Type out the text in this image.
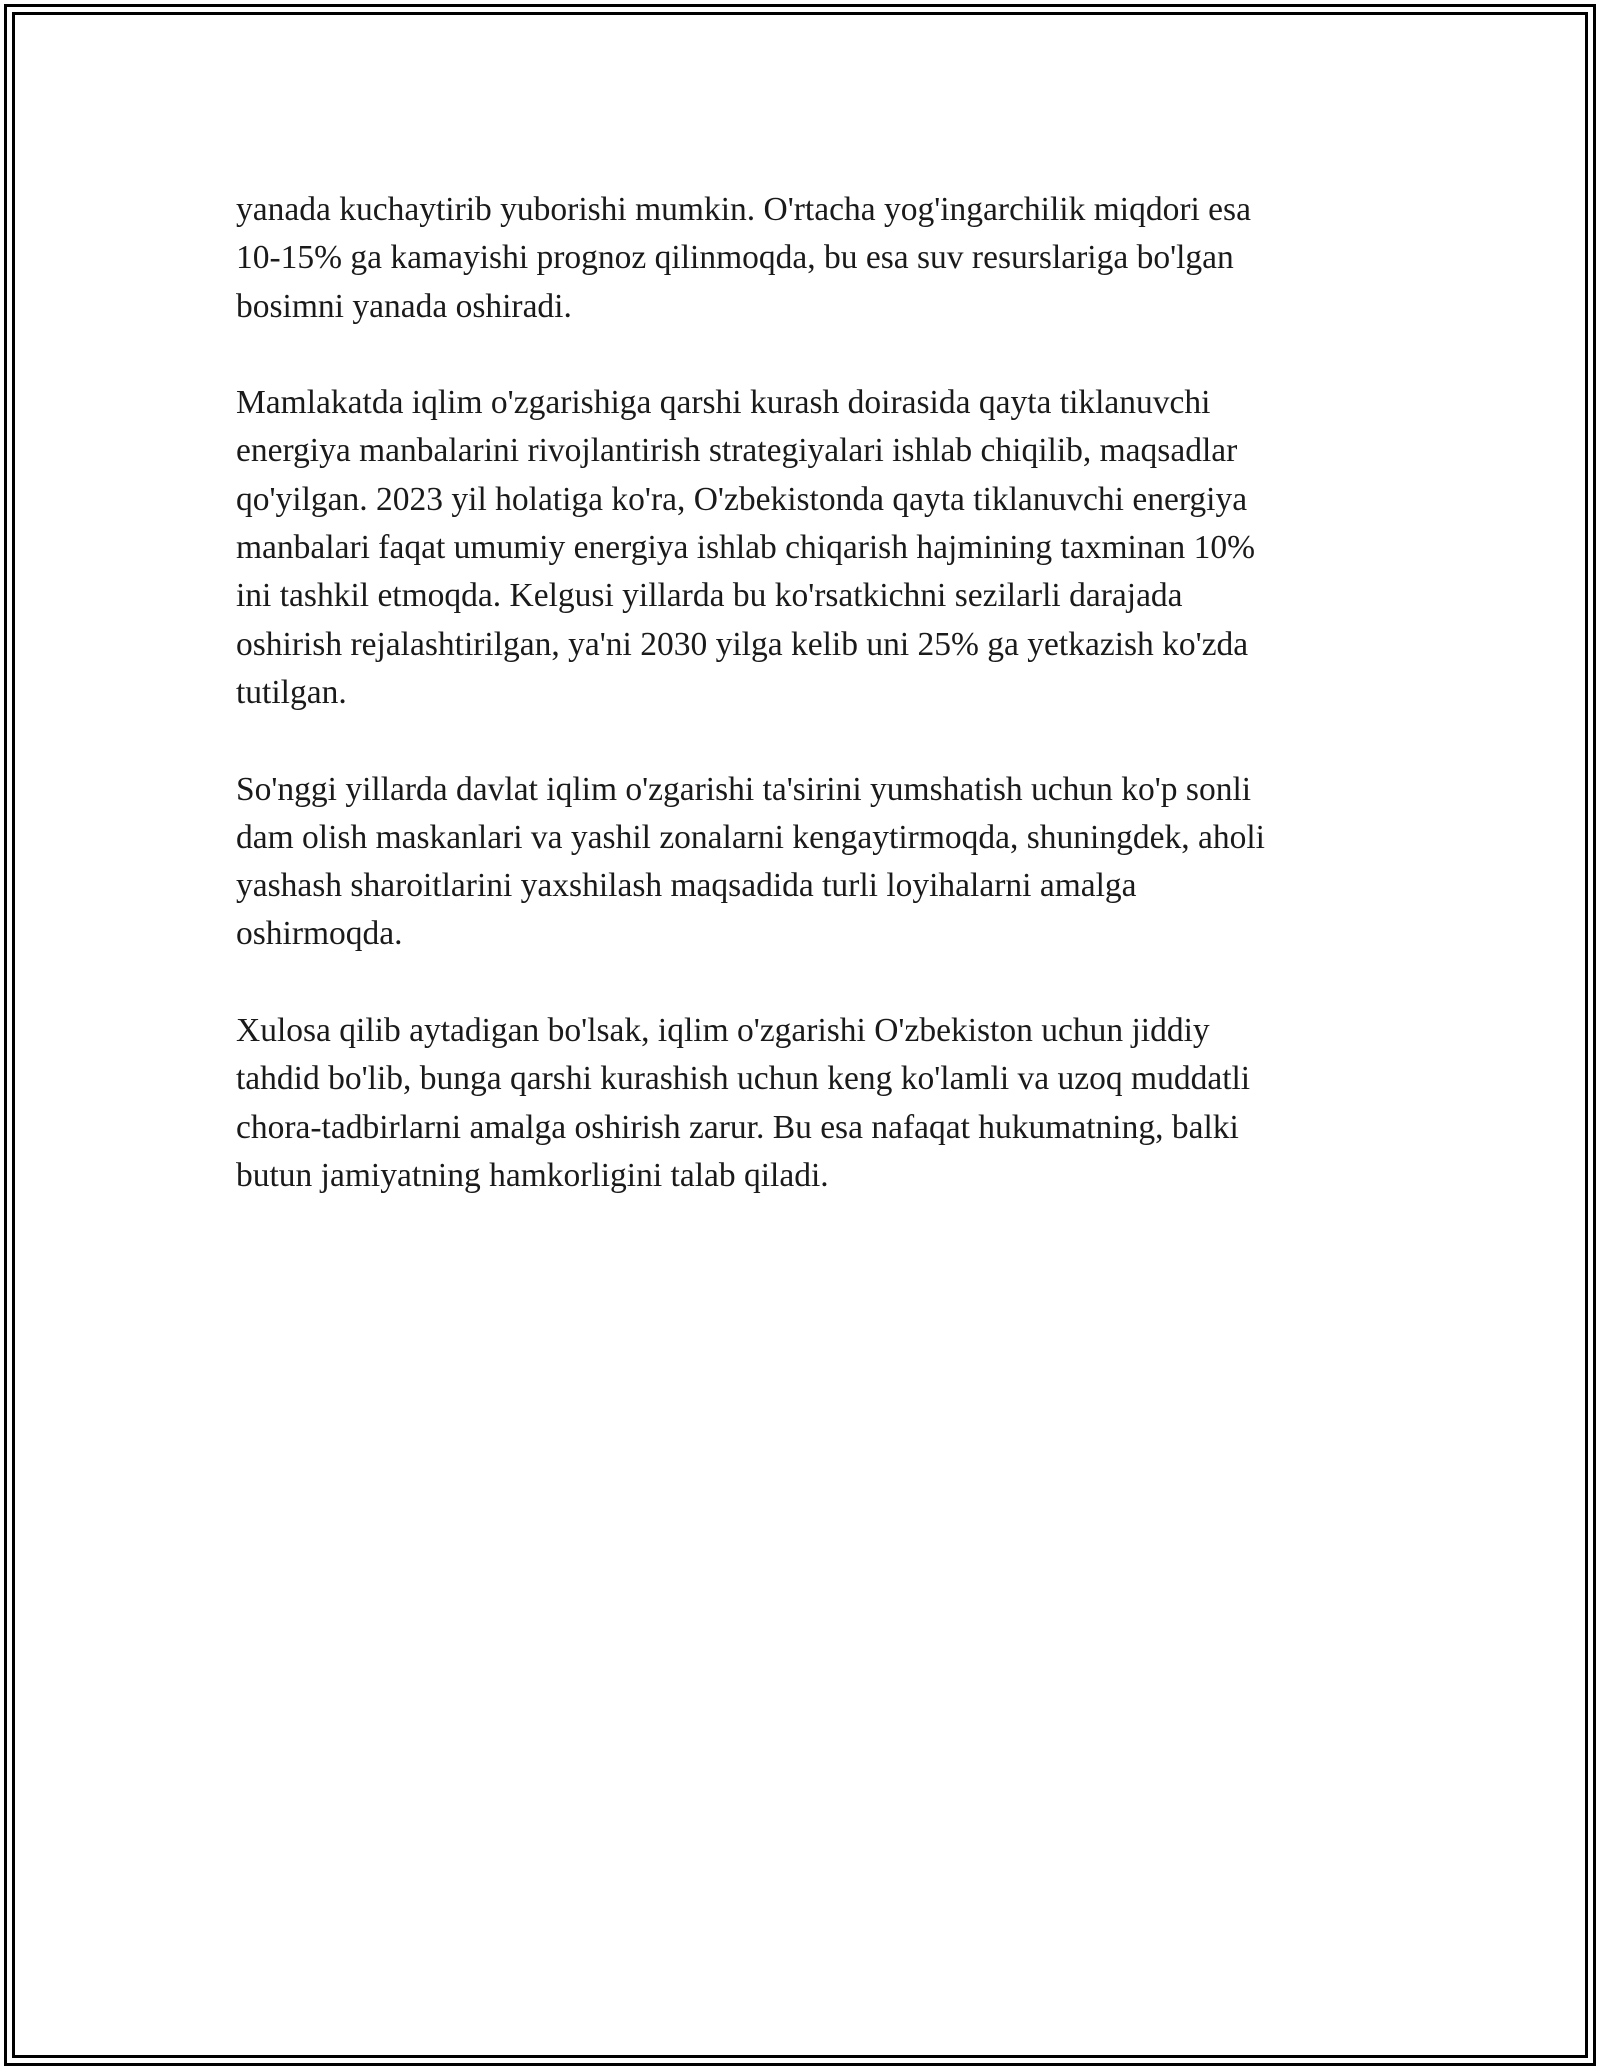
yanada kuchaytirib yuborishi mumkin. O'rtacha yog'ingarchilik miqdori esa
10-15% ga kamayishi prognoz qilinmoqda, bu esa suv resurslariga bo'lgan
bosimni yanada oshiradi.

Mamlakatda iqlim o'zgarishiga qarshi kurash doirasida qayta tiklanuvchi
energiya manbalarini rivojlantirish strategiyalari ishlab chiqilib, maqsadlar
qo'yilgan. 2023 yil holatiga ko'ra, O'zbekistonda qayta tiklanuvchi energiya
manbalari faqat umumiy energiya ishlab chiqarish hajmining taxminan 10%
ini tashkil etmoqda. Kelgusi yillarda bu ko'rsatkichni sezilarli darajada
oshirish rejalashtirilgan, ya'ni 2030 yilga kelib uni 25% ga yetkazish ko'zda
tutilgan.

So'nggi yillarda davlat iqlim o'zgarishi ta'sirini yumshatish uchun ko'p sonli
dam olish maskanlari va yashil zonalarni kengaytirmoqda, shuningdek, aholi
yashash sharoitlarini yaxshilash maqsadida turli loyihalarni amalga
oshirmoqda.

Xulosa qilib aytadigan bo'lsak, iqlim o'zgarishi O'zbekiston uchun jiddiy
tahdid bo'lib, bunga qarshi kurashish uchun keng ko'lamli va uzoq muddatli
chora-tadbirlarni amalga oshirish zarur. Bu esa nafaqat hukumatning, balki
butun jamiyatning hamkorligini talab qiladi.
